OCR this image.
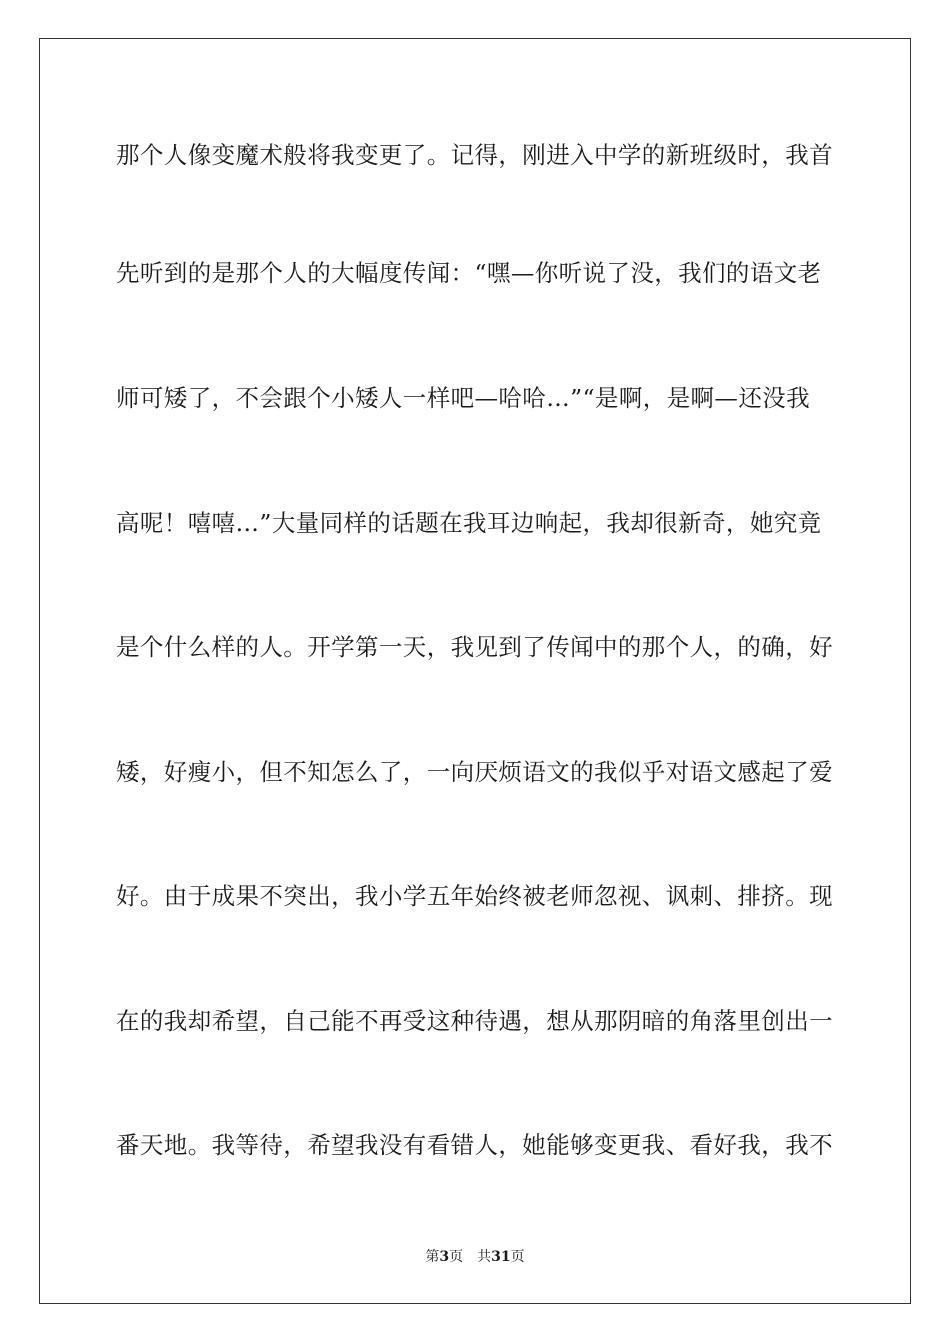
那个人像变魔术般将我变更了。记得，刚进入中学的新班级时，我首
先听到的是那个人的大幅度传闻：“嘿—你听说了没，我们的语文老
师可矮了，不会跟个小矮人一样吧—哈哈…”“是啊，是啊—还没我
高呢！嘻嘻…”大量同样的话题在我耳边响起，我却很新奇，她究竟
是个什么样的人。开学第一天，我见到了传闻中的那个人，的确，好
矮，好瘦小，但不知怎么了，一向厌烦语文的我似乎对语文感起了爱
好。由于成果不突出，我小学五年始终被老师忽视、讽刺、排挤。现
在的我却希望，自己能不再受这种待遇，想从那阴暗的角落里创出一
番天地。我等待，希望我没有看错人，她能够变更我、看好我，我不
第3页 共31页
